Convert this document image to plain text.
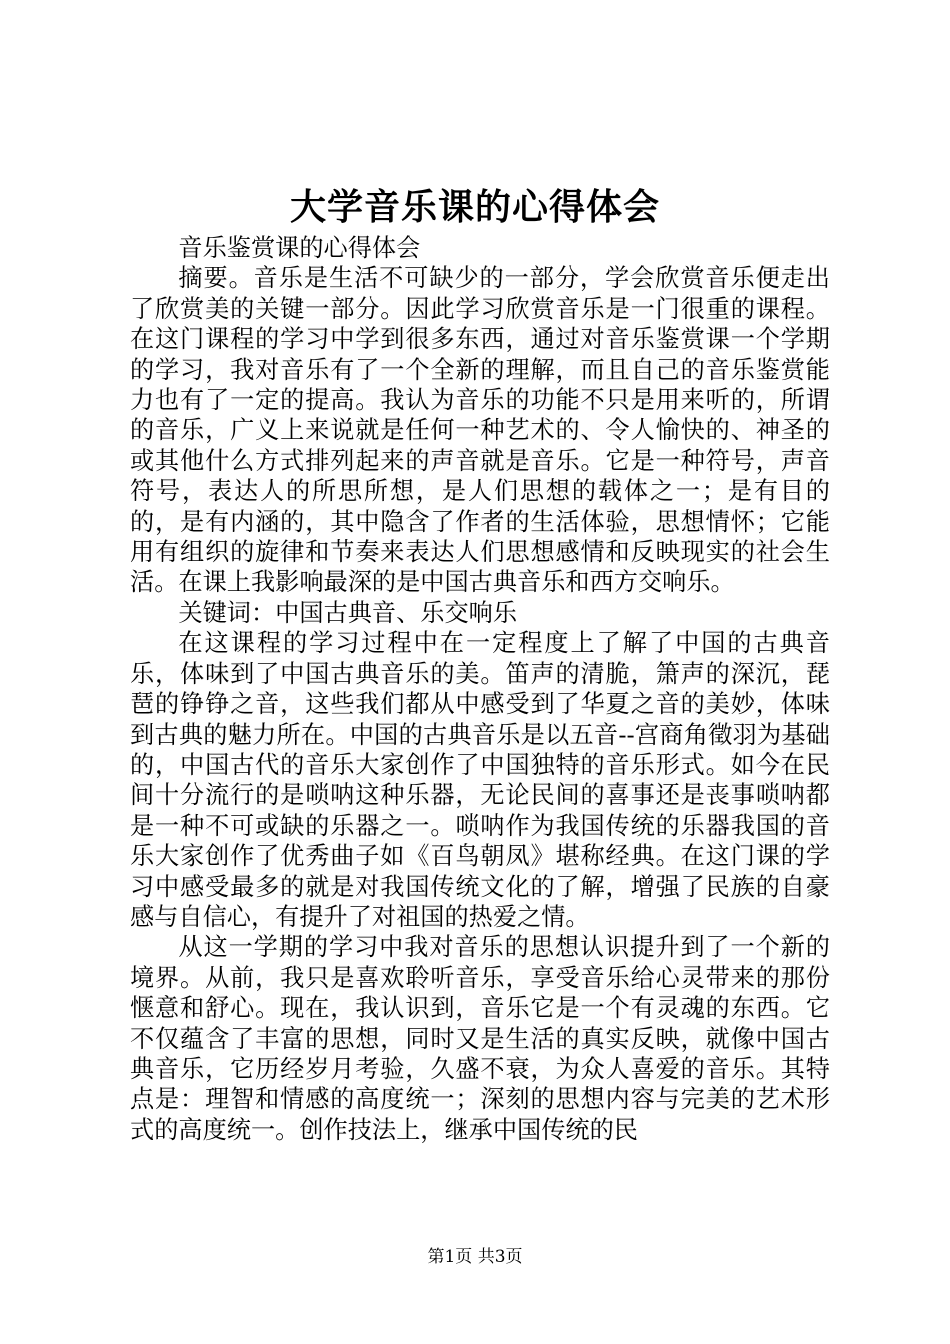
大学音乐课的心得体会

音乐鉴赏课的心得体会

摘要。音乐是生活不可缺少的一部分，学会欣赏音乐便走出了欣赏美的关键一部分。因此学习欣赏音乐是一门很重的课程。在这门课程的学习中学到很多东西，通过对音乐鉴赏课一个学期的学习，我对音乐有了一个全新的理解，而且自己的音乐鉴赏能力也有了一定的提高。我认为音乐的功能不只是用来听的，所谓的音乐，广义上来说就是任何一种艺术的、令人愉快的、神圣的或其他什么方式排列起来的声音就是音乐。它是一种符号，声音符号，表达人的所思所想，是人们思想的载体之一；是有目的的，是有内涵的，其中隐含了作者的生活体验，思想情怀；它能用有组织的旋律和节奏来表达人们思想感情和反映现实的社会生活。在课上我影响最深的是中国古典音乐和西方交响乐。

关键词：中国古典音、乐交响乐

在这课程的学习过程中在一定程度上了解了中国的古典音乐，体味到了中国古典音乐的美。笛声的清脆，箫声的深沉，琵琶的铮铮之音，这些我们都从中感受到了华夏之音的美妙，体味到古典的魅力所在。中国的古典音乐是以五音--宫商角徵羽为基础的，中国古代的音乐大家创作了中国独特的音乐形式。如今在民间十分流行的是唢呐这种乐器，无论民间的喜事还是丧事唢呐都是一种不可或缺的乐器之一。唢呐作为我国传统的乐器我国的音乐大家创作了优秀曲子如《百鸟朝凤》堪称经典。在这门课的学习中感受最多的就是对我国传统文化的了解，增强了民族的自豪感与自信心，有提升了对祖国的热爱之情。

从这一学期的学习中我对音乐的思想认识提升到了一个新的境界。从前，我只是喜欢聆听音乐，享受音乐给心灵带来的那份惬意和舒心。现在，我认识到，音乐它是一个有灵魂的东西。它不仅蕴含了丰富的思想，同时又是生活的真实反映，就像中国古典音乐，它历经岁月考验，久盛不衰，为众人喜爱的音乐。其特点是：理智和情感的高度统一；深刻的思想内容与完美的艺术形式的高度统一。创作技法上，继承中国传统的民

第1页 共3页
